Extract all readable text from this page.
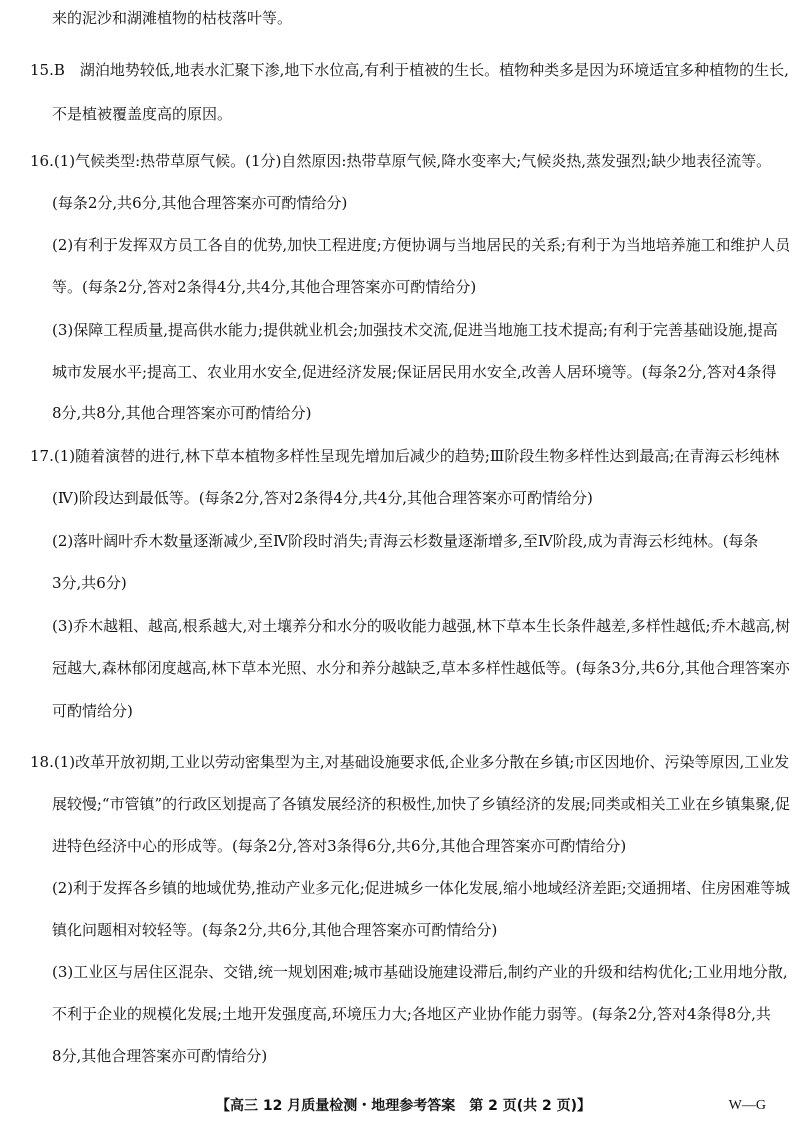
来的泥沙和湖滩植物的枯枝落叶等。
15.B　湖泊地势较低,地表水汇聚下渗,地下水位高,有利于植被的生长。植物种类多是因为环境适宜多种植物的生长,
不是植被覆盖度高的原因。
16.(1)气候类型:热带草原气候。(1分)自然原因:热带草原气候,降水变率大;气候炎热,蒸发强烈;缺少地表径流等。
(每条2分,共6分,其他合理答案亦可酌情给分)
(2)有利于发挥双方员工各自的优势,加快工程进度;方便协调与当地居民的关系;有利于为当地培养施工和维护人员
等。(每条2分,答对2条得4分,共4分,其他合理答案亦可酌情给分)
(3)保障工程质量,提高供水能力;提供就业机会;加强技术交流,促进当地施工技术提高;有利于完善基础设施,提高
城市发展水平;提高工、农业用水安全,促进经济发展;保证居民用水安全,改善人居环境等。(每条2分,答对4条得
8分,共8分,其他合理答案亦可酌情给分)
17.(1)随着演替的进行,林下草本植物多样性呈现先增加后减少的趋势;Ⅲ阶段生物多样性达到最高;在青海云杉纯林
(Ⅳ)阶段达到最低等。(每条2分,答对2条得4分,共4分,其他合理答案亦可酌情给分)
(2)落叶阔叶乔木数量逐渐减少,至Ⅳ阶段时消失;青海云杉数量逐渐增多,至Ⅳ阶段,成为青海云杉纯林。(每条
3分,共6分)
(3)乔木越粗、越高,根系越大,对土壤养分和水分的吸收能力越强,林下草本生长条件越差,多样性越低;乔木越高,树
冠越大,森林郁闭度越高,林下草本光照、水分和养分越缺乏,草本多样性越低等。(每条3分,共6分,其他合理答案亦
可酌情给分)
18.(1)改革开放初期,工业以劳动密集型为主,对基础设施要求低,企业多分散在乡镇;市区因地价、污染等原因,工业发
展较慢;“市管镇”的行政区划提高了各镇发展经济的积极性,加快了乡镇经济的发展;同类或相关工业在乡镇集聚,促
进特色经济中心的形成等。(每条2分,答对3条得6分,共6分,其他合理答案亦可酌情给分)
(2)利于发挥各乡镇的地域优势,推动产业多元化;促进城乡一体化发展,缩小地域经济差距;交通拥堵、住房困难等城
镇化问题相对较轻等。(每条2分,共6分,其他合理答案亦可酌情给分)
(3)工业区与居住区混杂、交错,统一规划困难;城市基础设施建设滞后,制约产业的升级和结构优化;工业用地分散,
不利于企业的规模化发展;土地开发强度高,环境压力大;各地区产业协作能力弱等。(每条2分,答对4条得8分,共
8分,其他合理答案亦可酌情给分)
【高三 12 月质量检测・地理参考答案　第 2 页(共 2 页)】	W—G
